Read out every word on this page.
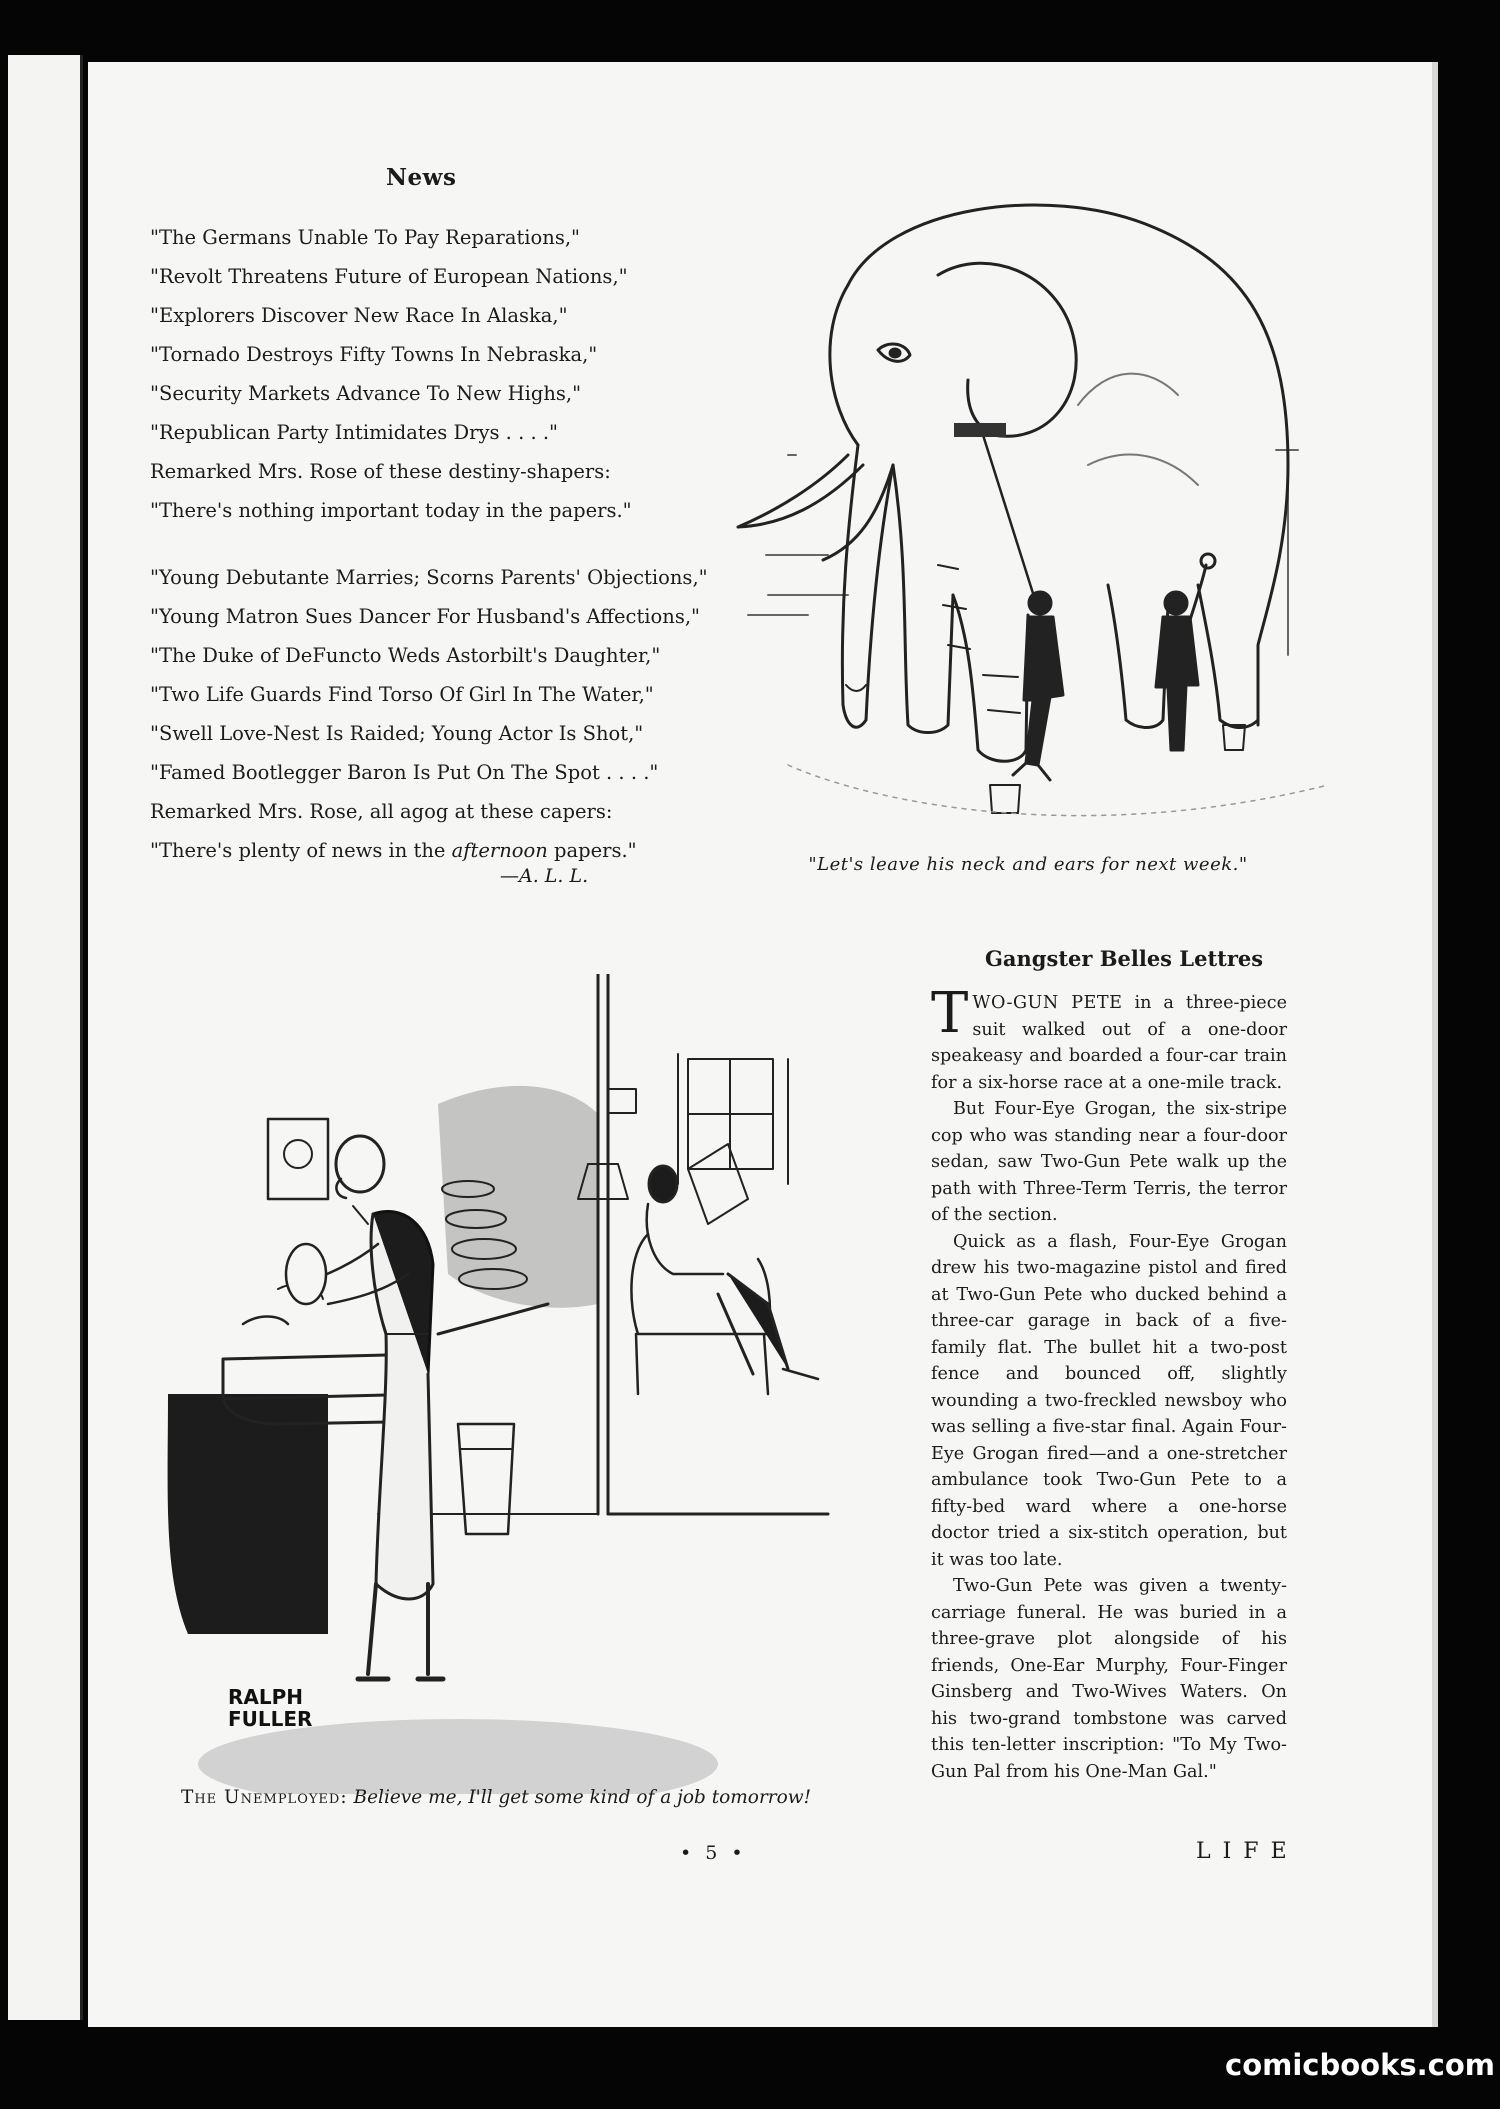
News
"The Germans Unable To Pay Reparations,"
"Revolt Threatens Future of European Nations,"
"Explorers Discover New Race In Alaska,"
"Tornado Destroys Fifty Towns In Nebraska,"
"Security Markets Advance To New Highs,"
"Republican Party Intimidates Drys . . . ."
Remarked Mrs. Rose of these destiny-shapers:
"There's nothing important today in the papers."
"Young Debutante Marries; Scorns Parents' Objections,"
"Young Matron Sues Dancer For Husband's Affections,"
"The Duke of DeFuncto Weds Astorbilt's Daughter,"
"Two Life Guards Find Torso Of Girl In The Water,"
"Swell Love-Nest Is Raided; Young Actor Is Shot,"
"Famed Bootlegger Baron Is Put On The Spot . . . ."
Remarked Mrs. Rose, all agog at these capers:
"There's plenty of news in the afternoon papers."
—A. L. L.
"Let's leave his neck and ears for next week."
Gangster Belles Lettres

TWO-GUN PETE in a three-piece suit walked out of a one-door speakeasy and boarded a four-car train for a six-horse race at a one-mile track.

But Four-Eye Grogan, the six-stripe cop who was standing near a four-door sedan, saw Two-Gun Pete walk up the path with Three-Term Terris, the terror of the section.

Quick as a flash, Four-Eye Grogan drew his two-magazine pistol and fired at Two-Gun Pete who ducked behind a three-car garage in back of a five-family flat. The bullet hit a two-post fence and bounced off, slightly wounding a two-freckled newsboy who was selling a five-star final. Again Four-Eye Grogan fired—and a one-stretcher ambulance took Two-Gun Pete to a fifty-bed ward where a one-horse doctor tried a six-stitch operation, but it was too late.

Two-Gun Pete was given a twenty-carriage funeral. He was buried in a three-grave plot alongside of his friends, One-Ear Murphy, Four-Finger Ginsberg and Two-Wives Waters. On his two-grand tombstone was carved this ten-letter inscription: "To My Two-Gun Pal from his One-Man Gal."

RALPH
FULLER
The Unemployed: Believe me, I'll get some kind of a job tomorrow!
• 5 •	LIFE
comicbooks.com
